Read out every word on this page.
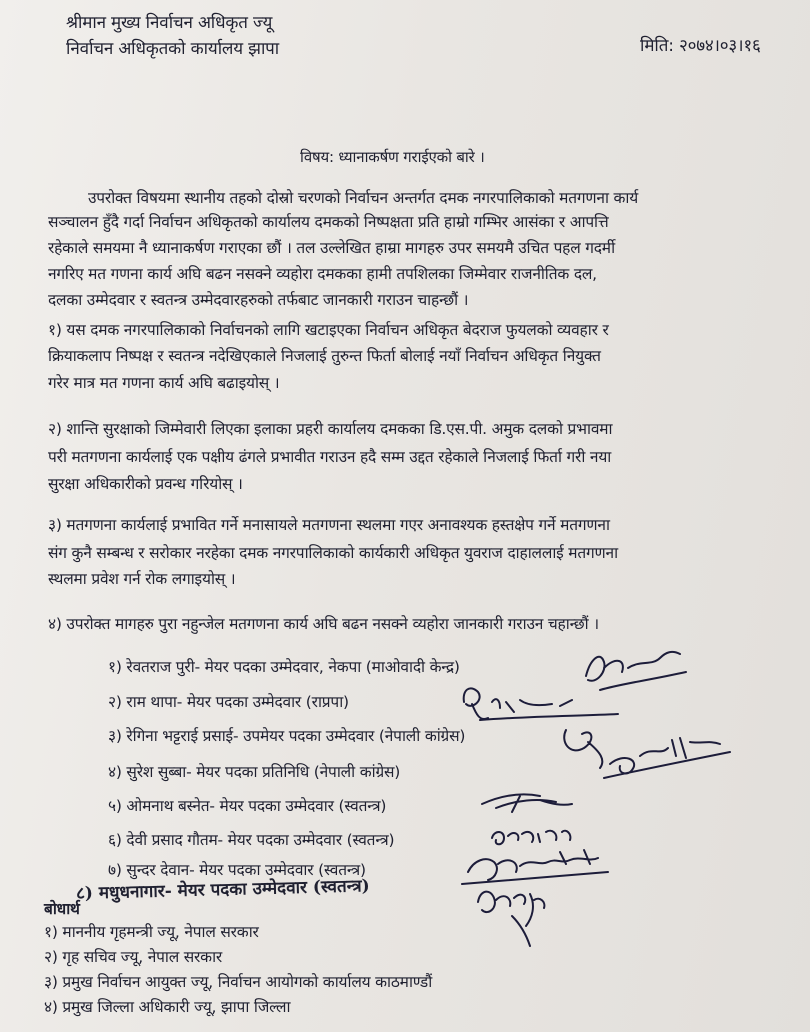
श्रीमान मुख्य निर्वाचन अधिकृत ज्यू
निर्वाचन अधिकृतको कार्यालय झापा	मिति: २०७४।०३।१६
विषय: ध्यानाकर्षण गराईएको बारे ।
उपरोक्त विषयमा स्थानीय तहको दोस्रो चरणको निर्वाचन अन्तर्गत दमक नगरपालिकाको मतगणना कार्य
सञ्चालन हुँदै गर्दा निर्वाचन अधिकृतको कार्यालय दमकको निष्पक्षता प्रति हाम्रो गम्भिर आसंका र आपत्ति
रहेकाले समयमा नै ध्यानाकर्षण गराएका छौं । तल उल्लेखित हाम्रा मागहरु उपर समयमै उचित पहल गदर्मी
नगरिए मत गणना कार्य अघि बढन नसक्ने व्यहोरा दमकका हामी तपशिलका जिम्मेवार राजनीतिक दल,
दलका उम्मेदवार र स्वतन्त्र उम्मेदवारहरुको तर्फबाट जानकारी गराउन चाहन्छौं ।
१) यस दमक नगरपालिकाको निर्वाचनको लागि खटाइएका निर्वाचन अधिकृत बेदराज फुयलको व्यवहार र
क्रियाकलाप निष्पक्ष र स्वतन्त्र नदेखिएकाले निजलाई तुरुन्त फिर्ता बोलाई नयाँ निर्वाचन अधिकृत नियुक्त
गरेर मात्र मत गणना कार्य अघि बढाइयोस् ।
२) शान्ति सुरक्षाको जिम्मेवारी लिएका इलाका प्रहरी कार्यालय दमकका डि.एस.पी. अमुक दलको प्रभावमा
परी मतगणना कार्यलाई एक पक्षीय ढंगले प्रभावीत गराउन हदै सम्म उद्दत रहेकाले निजलाई फिर्ता गरी नया
सुरक्षा अधिकारीको प्रवन्ध गरियोस् ।
३) मतगणना कार्यलाई प्रभावित गर्ने मनासायले मतगणना स्थलमा गएर अनावश्यक हस्तक्षेप गर्ने मतगणना
संग कुनै सम्बन्ध र सरोकार नरहेका दमक नगरपालिकाको कार्यकारी अधिकृत युवराज दाहाललाई मतगणना
स्थलमा प्रवेश गर्न रोक लगाइयोस् ।
४) उपरोक्त मागहरु पुरा नहुन्जेल मतगणना कार्य अघि बढन नसक्ने व्यहोरा जानकारी गराउन चहान्छौं ।
१) रेवतराज पुरी- मेयर पदका उम्मेदवार, नेकपा (माओवादी केन्द्र)
२) राम थापा- मेयर पदका उम्मेदवार (राप्रपा)
३) रेगिना भट्टराई प्रसाई- उपमेयर पदका उम्मेदवार (नेपाली कांग्रेस)
४) सुरेश सुब्बा- मेयर पदका प्रतिनिधि (नेपाली कांग्रेस)
५) ओमनाथ बस्नेत- मेयर पदका उम्मेदवार (स्वतन्त्र)
६) देवी प्रसाद गौतम- मेयर पदका उम्मेदवार (स्वतन्त्र)
७) सुन्दर देवान- मेयर पदका उम्मेदवार (स्वतन्त्र)
८) मधुधनागार- मेयर पदका उम्मेदवार (स्वतन्त्र)
बोधार्थ
१) माननीय गृहमन्त्री ज्यू, नेपाल सरकार
२) गृह सचिव ज्यू, नेपाल सरकार
३) प्रमुख निर्वाचन आयुक्त ज्यू, निर्वाचन आयोगको कार्यालय काठमाण्डौं
४) प्रमुख जिल्ला अधिकारी ज्यू, झापा जिल्ला
